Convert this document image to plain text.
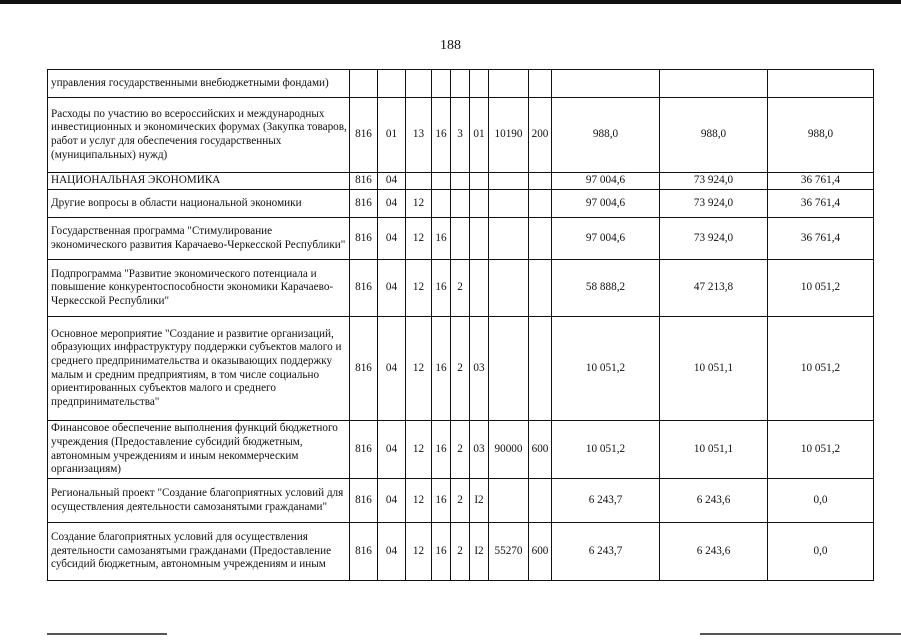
188
управления государственными внебюджетными фондами)											
Расходы по участию во всероссийских и международных инвестиционных и экономических форумах (Закупка товаров, работ и услуг для обеспечения государственных (муниципальных) нужд)	816	01	13	16	3	01	10190	200	988,0	988,0	988,0
НАЦИОНАЛЬНАЯ ЭКОНОМИКА	816	04							97 004,6	73 924,0	36 761,4
Другие вопросы в области национальной экономики	816	04	12						97 004,6	73 924,0	36 761,4
Государственная программа "Стимулирование экономического развития Карачаево-Черкесской Республики"	816	04	12	16					97 004,6	73 924,0	36 761,4
Подпрограмма "Развитие экономического потенциала и повышение конкурентоспособности экономики Карачаево-Черкесской Республики"	816	04	12	16	2				58 888,2	47 213,8	10 051,2
Основное мероприятие "Создание и развитие организаций, образующих инфраструктуру поддержки субъектов малого и среднего предпринимательства и оказывающих поддержку малым и средним предприятиям, в том числе социально ориентированных субъектов малого и среднего предпринимательства"	816	04	12	16	2	03			10 051,2	10 051,1	10 051,2
Финансовое обеспечение выполнения функций бюджетного учреждения (Предоставление субсидий бюджетным, автономным учреждениям и иным некоммерческим организациям)	816	04	12	16	2	03	90000	600	10 051,2	10 051,1	10 051,2
Региональный проект "Создание благоприятных условий для осуществления деятельности самозанятыми гражданами"	816	04	12	16	2	I2			6 243,7	6 243,6	0,0
Создание благоприятных условий для осуществления деятельности самозанятыми гражданами (Предоставление субсидий бюджетным, автономным учреждениям и иным	816	04	12	16	2	I2	55270	600	6 243,7	6 243,6	0,0
